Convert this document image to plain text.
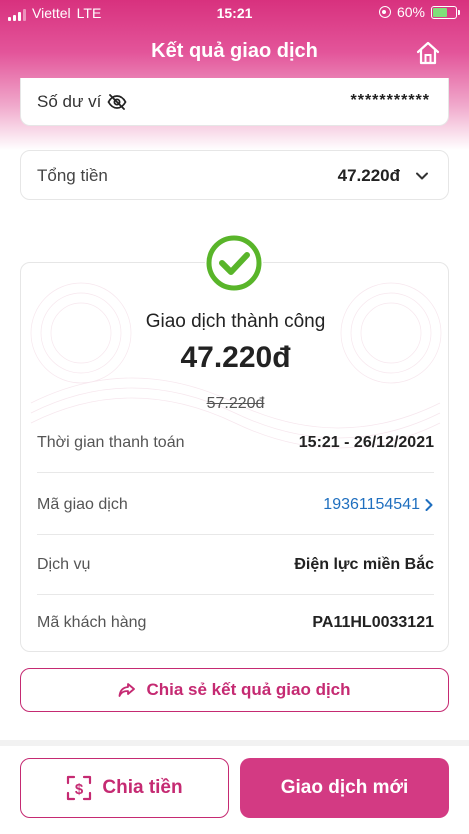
Viettel LTE	15:21	60%
Kết quả giao dịch
Số dư ví	***********
Tổng tiền	47.220đ
Giao dịch thành công
47.220đ
57.220đ
Thời gian thanh toán	15:21 - 26/12/2021
Mã giao dịch	19361154541
Dịch vụ	Điện lực miền Bắc
Mã khách hàng	PA11HL0033121
Chia sẻ kết quả giao dịch
$ Chia tiền	Giao dịch mới
